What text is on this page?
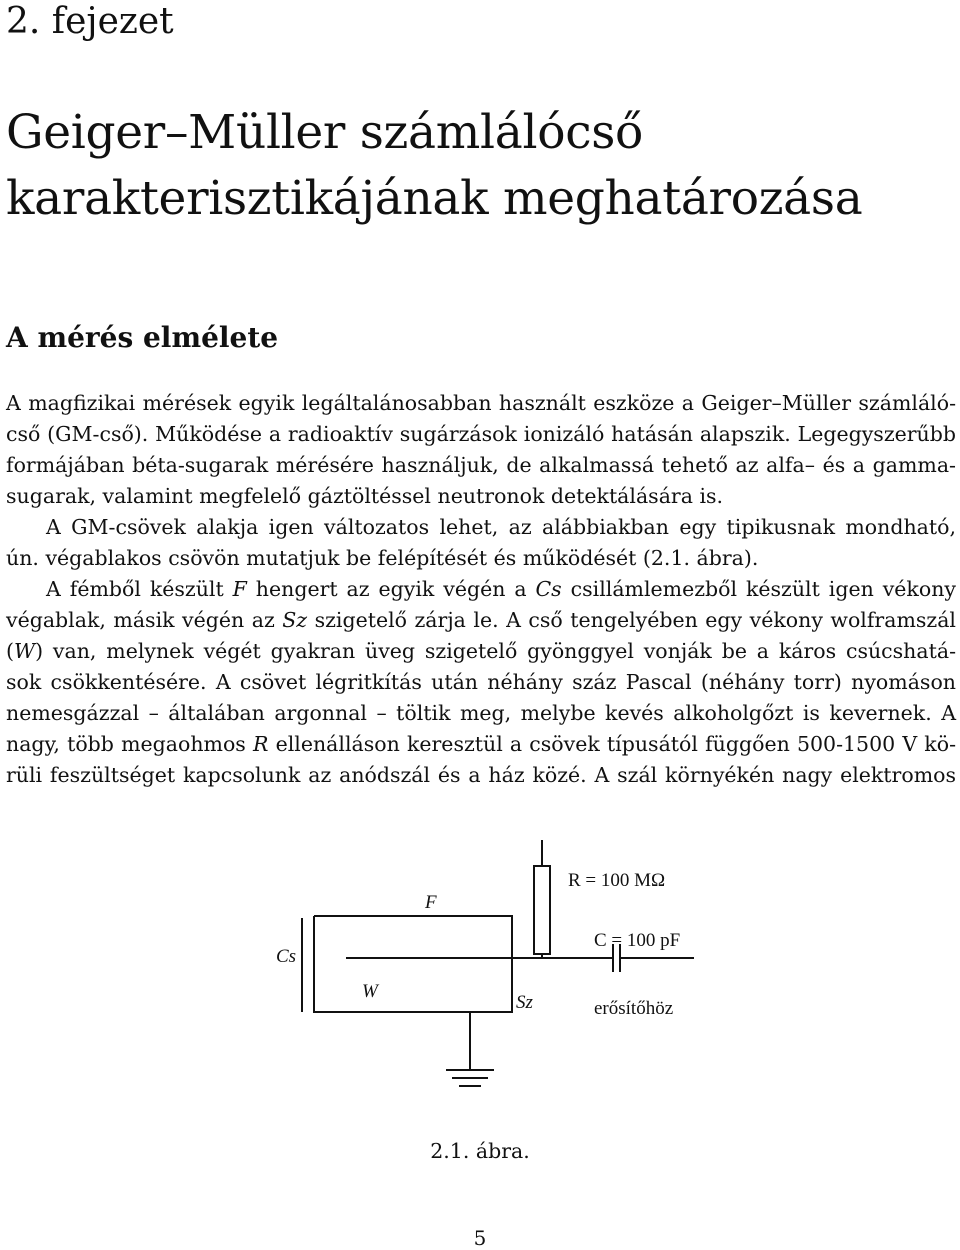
2. fejezet
Geiger–Müller számlálócső
karakterisztikájának meghatározása
A mérés elmélete
A magfizikai mérések egyik legáltalánosabban használt eszköze a Geiger–Müller számláló-
cső (GM-cső). Működése a radioaktív sugárzások ionizáló hatásán alapszik. Legegyszerűbb
formájában béta-sugarak mérésére használjuk, de alkalmassá tehető az alfa– és a gamma-
sugarak, valamint megfelelő gáztöltéssel neutronok detektálására is.
A GM-csövek alakja igen változatos lehet, az alábbiakban egy tipikusnak mondható,
ún. végablakos csövön mutatjuk be felépítését és működését (2.1. ábra).
A fémből készült F hengert az egyik végén a Cs csillámlemezből készült igen vékony
végablak, másik végén az Sz szigetelő zárja le. A cső tengelyében egy vékony wolframszál
(W) van, melynek végét gyakran üveg szigetelő gyönggyel vonják be a káros csúcshatá-
sok csökkentésére. A csövet légritkítás után néhány száz Pascal (néhány torr) nyomáson
nemesgázzal – általában argonnal – töltik meg, melybe kevés alkoholgőzt is kevernek. A
nagy, több megaohmos R ellenálláson keresztül a csövek típusától függően 500-1500 V kö-
rüli feszültséget kapcsolunk az anódszál és a ház közé. A szál környékén nagy elektromos
Cs
F
W
Sz
R = 100 MΩ
C = 100 pF
erősítőhöz
2.1. ábra.
5
